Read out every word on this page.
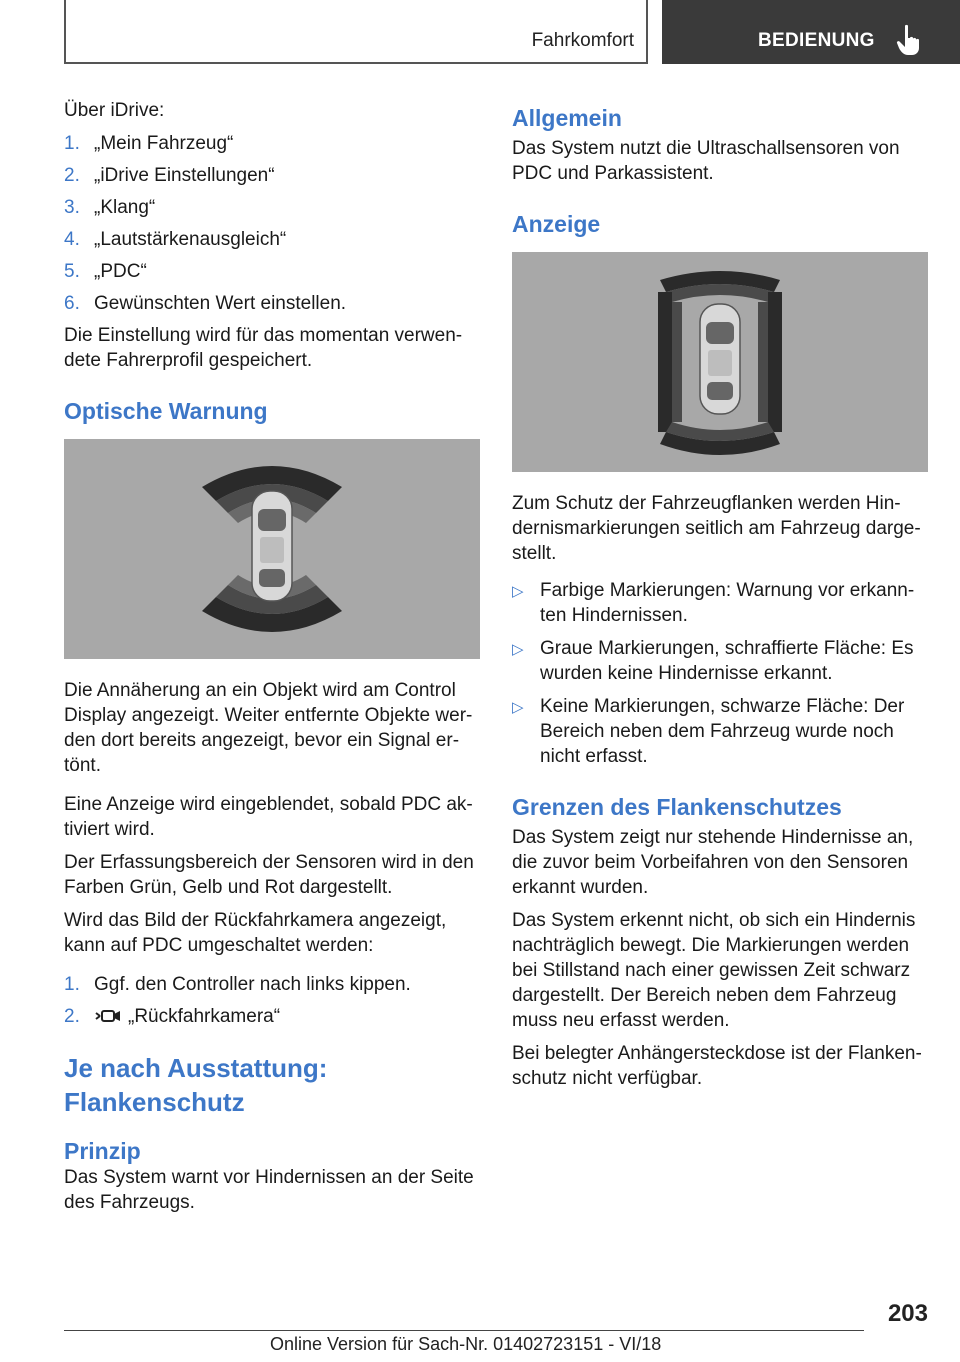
Fahrkomfort	BEDIENUNG

Über iDrive:

1. „Mein Fahrzeug“
2. „iDrive Einstellungen“
3. „Klang“
4. „Lautstärkenausgleich“
5. „PDC“
6. Gewünschten Wert einstellen.

Die Einstellung wird für das momentan verwen-dete Fahrerprofil gespeichert.

Optische Warnung

Die Annäherung an ein Objekt wird am Control Display angezeigt. Weiter entfernte Objekte wer-den dort bereits angezeigt, bevor ein Signal er-tönt.

Eine Anzeige wird eingeblendet, sobald PDC ak-tiviert wird.

Der Erfassungsbereich der Sensoren wird in den Farben Grün, Gelb und Rot dargestellt.

Wird das Bild der Rückfahrkamera angezeigt, kann auf PDC umgeschaltet werden:

1. Ggf. den Controller nach links kippen.
2.	„Rückfahrkamera“
Je nach Ausstattung:
Flankenschutz
Prinzip

Das System warnt vor Hindernissen an der Seite des Fahrzeugs.

Allgemein

Das System nutzt die Ultraschallsensoren von PDC und Parkassistent.

Anzeige

Zum Schutz der Fahrzeugflanken werden Hin-dernismarkierungen seitlich am Fahrzeug darge-stellt.

▷ Farbige Markierungen: Warnung vor erkann-ten Hindernissen.
▷ Graue Markierungen, schraffierte Fläche: Es wurden keine Hindernisse erkannt.
▷ Keine Markierungen, schwarze Fläche: Der Bereich neben dem Fahrzeug wurde noch nicht erfasst.
Grenzen des Flankenschutzes

Das System zeigt nur stehende Hindernisse an, die zuvor beim Vorbeifahren von den Sensoren erkannt wurden.

Das System erkennt nicht, ob sich ein Hindernis nachträglich bewegt. Die Markierungen werden bei Stillstand nach einer gewissen Zeit schwarz dargestellt. Der Bereich neben dem Fahrzeug muss neu erfasst werden.

Bei belegter Anhängersteckdose ist der Flanken-schutz nicht verfügbar.

203
Online Version für Sach-Nr. 01402723151 - VI/18
